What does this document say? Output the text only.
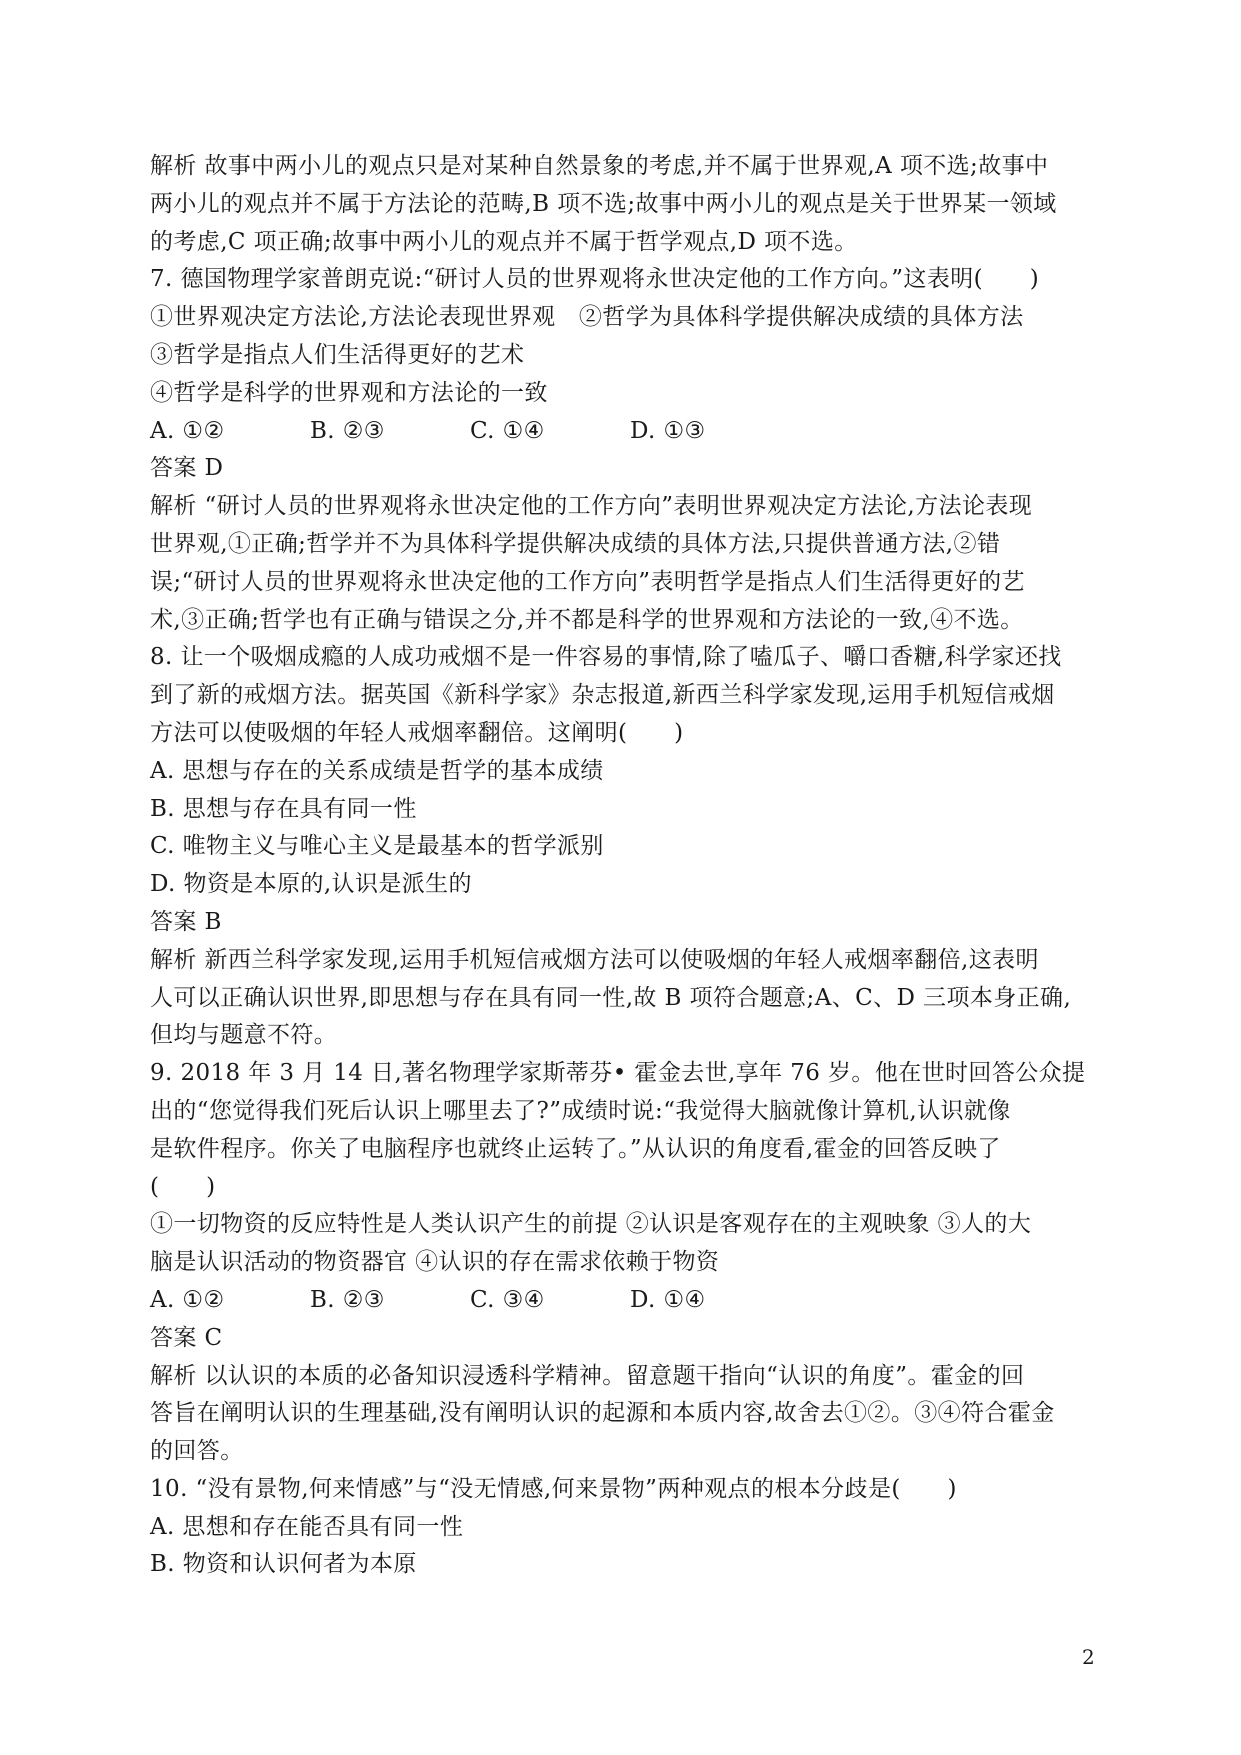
解析 故事中两小儿的观点只是对某种自然景象的考虑,并不属于世界观,A 项不选;故事中
两小儿的观点并不属于方法论的范畴,B 项不选;故事中两小儿的观点是关于世界某一领域
的考虑,C 项正确;故事中两小儿的观点并不属于哲学观点,D 项不选。
7. 德国物理学家普朗克说:“研讨人员的世界观将永世决定他的工作方向。”这表明(　　)
①世界观决定方法论,方法论表现世界观　②哲学为具体科学提供解决成绩的具体方法
③哲学是指点人们生活得更好的艺术
④哲学是科学的世界观和方法论的一致
A. ①②	B. ②③	C. ①④	D. ①③
答案 D
解析 “研讨人员的世界观将永世决定他的工作方向”表明世界观决定方法论,方法论表现
世界观,①正确;哲学并不为具体科学提供解决成绩的具体方法,只提供普通方法,②错
误;“研讨人员的世界观将永世决定他的工作方向”表明哲学是指点人们生活得更好的艺
术,③正确;哲学也有正确与错误之分,并不都是科学的世界观和方法论的一致,④不选。
8. 让一个吸烟成瘾的人成功戒烟不是一件容易的事情,除了嗑瓜子、嚼口香糖,科学家还找
到了新的戒烟方法。据英国《新科学家》杂志报道,新西兰科学家发现,运用手机短信戒烟
方法可以使吸烟的年轻人戒烟率翻倍。这阐明(　　)
A. 思想与存在的关系成绩是哲学的基本成绩
B. 思想与存在具有同一性
C. 唯物主义与唯心主义是最基本的哲学派别
D. 物资是本原的,认识是派生的
答案 B
解析 新西兰科学家发现,运用手机短信戒烟方法可以使吸烟的年轻人戒烟率翻倍,这表明
人可以正确认识世界,即思想与存在具有同一性,故 B 项符合题意;A、C、D 三项本身正确,
但均与题意不符。
9. 2018 年 3 月 14 日,著名物理学家斯蒂芬• 霍金去世,享年 76 岁。他在世时回答公众提
出的“您觉得我们死后认识上哪里去了?”成绩时说:“我觉得大脑就像计算机,认识就像
是软件程序。你关了电脑程序也就终止运转了。”从认识的角度看,霍金的回答反映了
(　　)
①一切物资的反应特性是人类认识产生的前提 ②认识是客观存在的主观映象 ③人的大
脑是认识活动的物资器官 ④认识的存在需求依赖于物资
A. ①②	B. ②③	C. ③④	D. ①④
答案 C
解析 以认识的本质的必备知识浸透科学精神。留意题干指向“认识的角度”。霍金的回
答旨在阐明认识的生理基础,没有阐明认识的起源和本质内容,故舍去①②。③④符合霍金
的回答。
10. “没有景物,何来情感”与“没无情感,何来景物”两种观点的根本分歧是(　　)
A. 思想和存在能否具有同一性
B. 物资和认识何者为本原
2
